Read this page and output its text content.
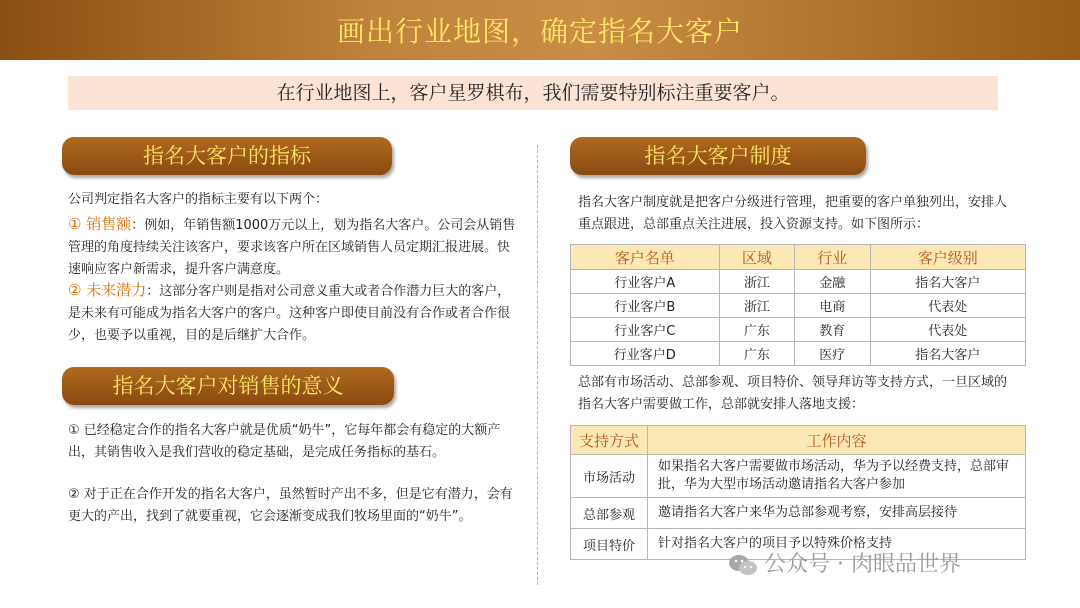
画出行业地图，确定指名大客户
在行业地图上，客户星罗棋布，我们需要特别标注重要客户。
指名大客户的指标
公司判定指名大客户的指标主要有以下两个：
① 销售额：例如，年销售额1000万元以上，划为指名大客户。公司会从销售管理的角度持续关注该客户，要求该客户所在区域销售人员定期汇报进展。快速响应客户新需求，提升客户满意度。
② 未来潜力：这部分客户则是指对公司意义重大或者合作潜力巨大的客户，是未来有可能成为指名大客户的客户。这种客户即使目前没有合作或者合作很少，也要予以重视，目的是后继扩大合作。
指名大客户对销售的意义
① 已经稳定合作的指名大客户就是优质“奶牛”，它每年都会有稳定的大额产出，其销售收入是我们营收的稳定基础，是完成任务指标的基石。
② 对于正在合作开发的指名大客户，虽然暂时产出不多，但是它有潜力，会有更大的产出，找到了就要重视，它会逐渐变成我们牧场里面的“奶牛”。
指名大客户制度
指名大客户制度就是把客户分级进行管理，把重要的客户单独列出，安排人重点跟进，总部重点关注进展，投入资源支持。如下图所示：
客户名单	区域	行业	客户级别
行业客户A	浙江	金融	指名大客户
行业客户B	浙江	电商	代表处
行业客户C	广东	教育	代表处
行业客户D	广东	医疗	指名大客户
总部有市场活动、总部参观、项目特价、领导拜访等支持方式，一旦区域的指名大客户需要做工作，总部就安排人落地支援：
支持方式	工作内容
市场活动	如果指名大客户需要做市场活动，华为予以经费支持，总部审批，华为大型市场活动邀请指名大客户参加
总部参观	邀请指名大客户来华为总部参观考察，安排高层接待
项目特价	针对指名大客户的项目予以特殊价格支持
公众号 · 肉眼品世界
